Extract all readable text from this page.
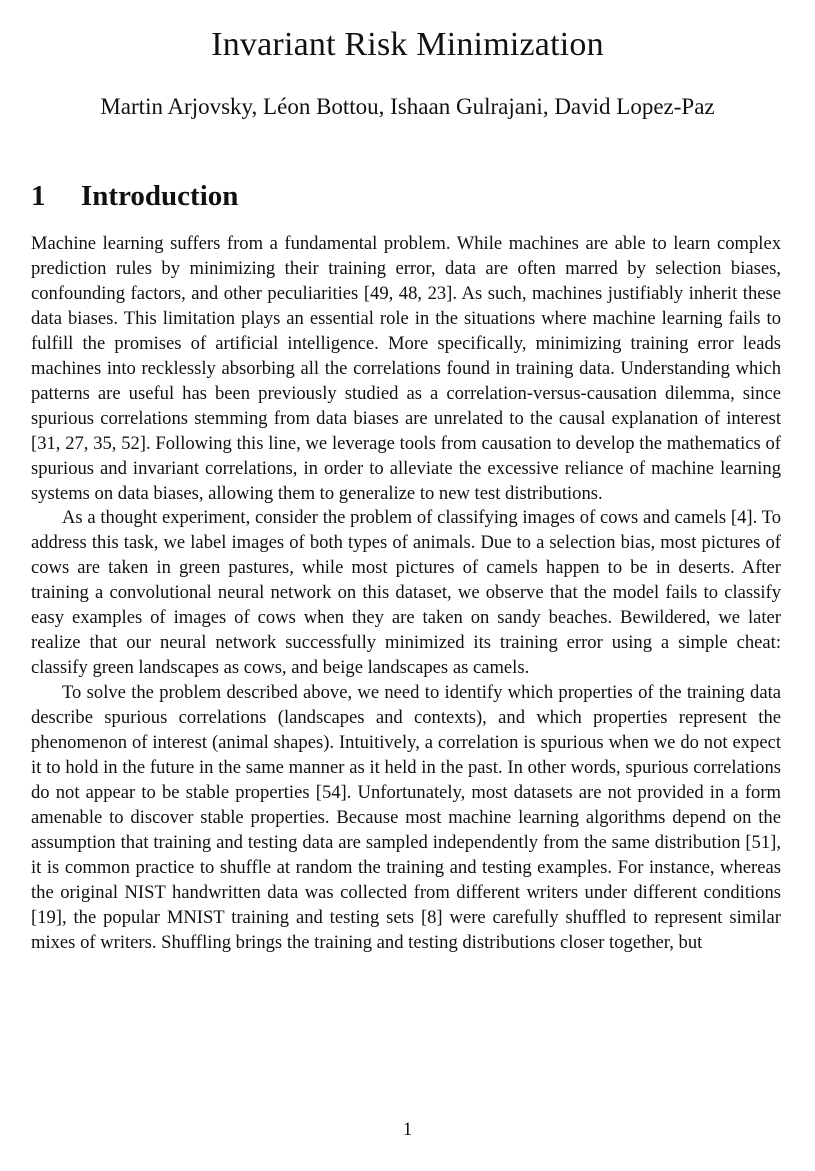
Invariant Risk Minimization
Martin Arjovsky, Léon Bottou, Ishaan Gulrajani, David Lopez-Paz
1 Introduction

Machine learning suffers from a fundamental problem. While machines are able to learn complex prediction rules by minimizing their training error, data are often marred by selection biases, confounding factors, and other peculiarities [49, 48, 23]. As such, machines justifiably inherit these data biases. This limitation plays an essential role in the situations where machine learning fails to fulfill the promises of artificial intelligence. More specifically, minimizing training error leads machines into recklessly absorbing all the correlations found in training data. Understanding which patterns are useful has been previously studied as a correlation-versus-causation dilemma, since spurious correlations stemming from data biases are unrelated to the causal explanation of interest [31, 27, 35, 52]. Following this line, we leverage tools from causation to develop the mathematics of spurious and invariant correlations, in order to alleviate the excessive reliance of machine learning systems on data biases, allowing them to generalize to new test distributions.

As a thought experiment, consider the problem of classifying images of cows and camels [4]. To address this task, we label images of both types of animals. Due to a selection bias, most pictures of cows are taken in green pastures, while most pictures of camels happen to be in deserts. After training a convolutional neural network on this dataset, we observe that the model fails to classify easy examples of images of cows when they are taken on sandy beaches. Bewildered, we later realize that our neural network successfully minimized its training error using a simple cheat: classify green landscapes as cows, and beige landscapes as camels.

To solve the problem described above, we need to identify which properties of the training data describe spurious correlations (landscapes and contexts), and which properties represent the phenomenon of interest (animal shapes). Intuitively, a correlation is spurious when we do not expect it to hold in the future in the same manner as it held in the past. In other words, spurious correlations do not appear to be stable properties [54]. Unfortunately, most datasets are not provided in a form amenable to discover stable properties. Because most machine learning algorithms depend on the assumption that training and testing data are sampled independently from the same distribution [51], it is common practice to shuffle at random the training and testing examples. For instance, whereas the original NIST handwritten data was collected from different writers under different conditions [19], the popular MNIST training and testing sets [8] were carefully shuffled to represent similar mixes of writers. Shuffling brings the training and testing distributions closer together, but

1
